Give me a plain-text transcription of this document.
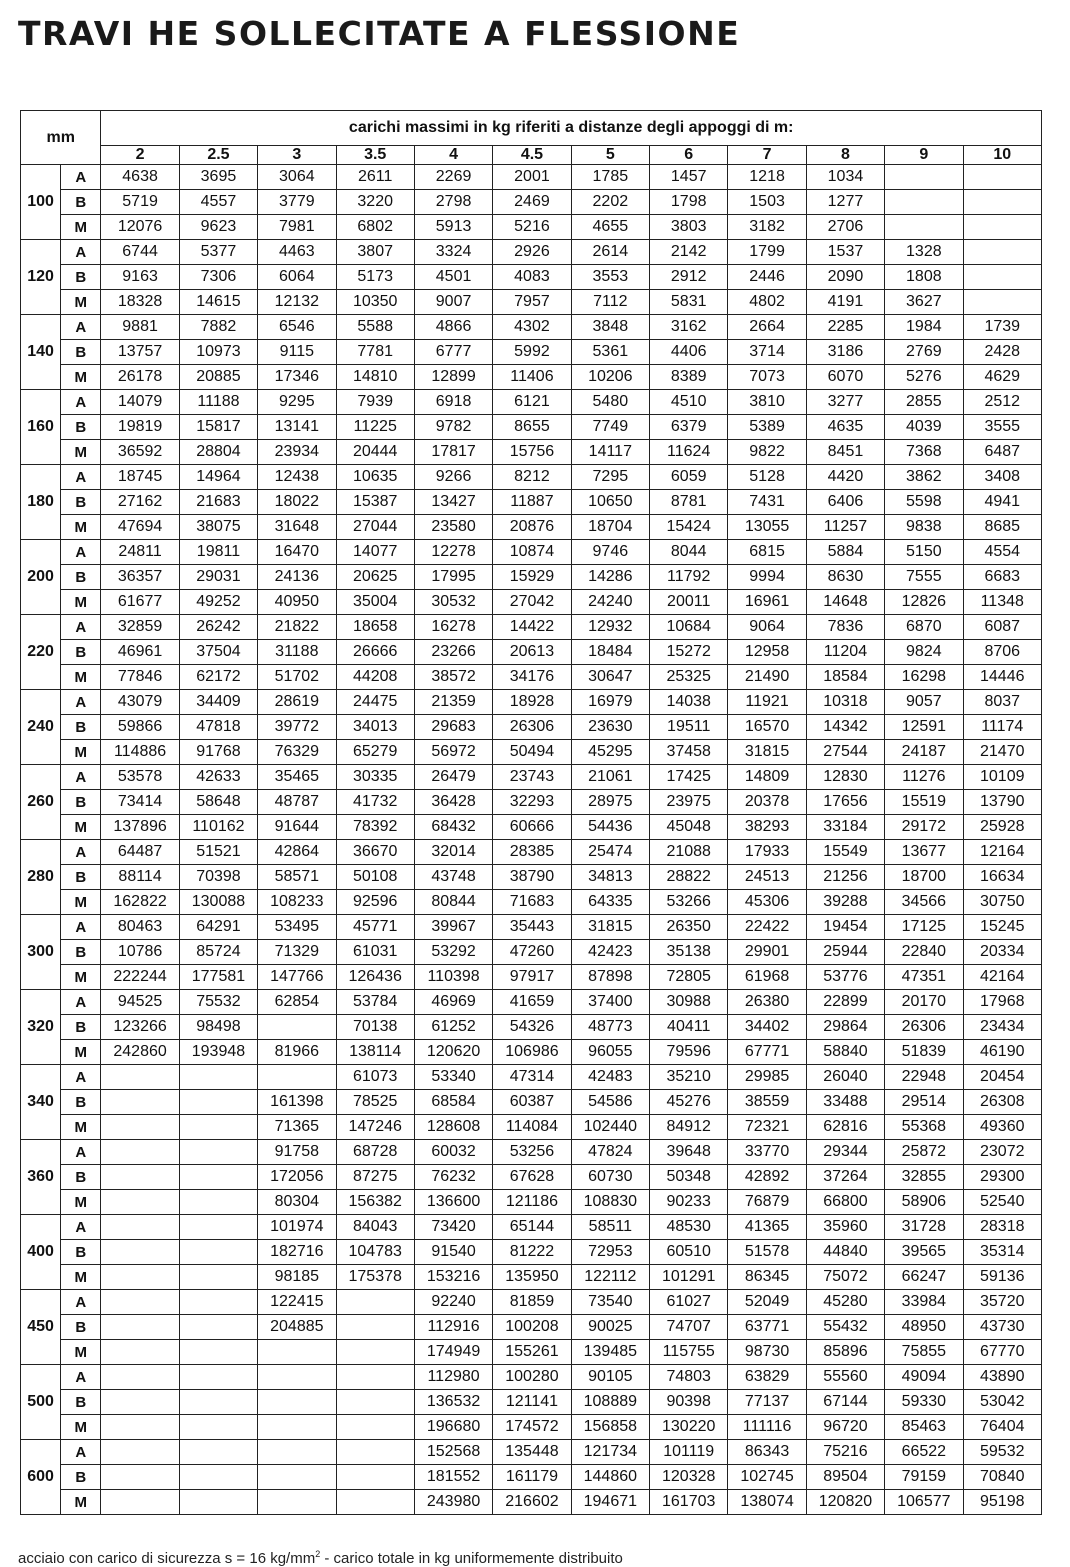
TRAVI HE SOLLECITATE A FLESSIONE
mm		carichi massimi in kg riferiti a distanze degli appoggi di m:											
		2	2.5	3	3.5	4	4.5	5	6	7	8	9	10
100	A	4638	3695	3064	2611	2269	2001	1785	1457	1218	1034		
	B	5719	4557	3779	3220	2798	2469	2202	1798	1503	1277		
	M	12076	9623	7981	6802	5913	5216	4655	3803	3182	2706		
120	A	6744	5377	4463	3807	3324	2926	2614	2142	1799	1537	1328	
	B	9163	7306	6064	5173	4501	4083	3553	2912	2446	2090	1808	
	M	18328	14615	12132	10350	9007	7957	7112	5831	4802	4191	3627	
140	A	9881	7882	6546	5588	4866	4302	3848	3162	2664	2285	1984	1739
	B	13757	10973	9115	7781	6777	5992	5361	4406	3714	3186	2769	2428
	M	26178	20885	17346	14810	12899	11406	10206	8389	7073	6070	5276	4629
160	A	14079	11188	9295	7939	6918	6121	5480	4510	3810	3277	2855	2512
	B	19819	15817	13141	11225	9782	8655	7749	6379	5389	4635	4039	3555
	M	36592	28804	23934	20444	17817	15756	14117	11624	9822	8451	7368	6487
180	A	18745	14964	12438	10635	9266	8212	7295	6059	5128	4420	3862	3408
	B	27162	21683	18022	15387	13427	11887	10650	8781	7431	6406	5598	4941
	M	47694	38075	31648	27044	23580	20876	18704	15424	13055	11257	9838	8685
200	A	24811	19811	16470	14077	12278	10874	9746	8044	6815	5884	5150	4554
	B	36357	29031	24136	20625	17995	15929	14286	11792	9994	8630	7555	6683
	M	61677	49252	40950	35004	30532	27042	24240	20011	16961	14648	12826	11348
220	A	32859	26242	21822	18658	16278	14422	12932	10684	9064	7836	6870	6087
	B	46961	37504	31188	26666	23266	20613	18484	15272	12958	11204	9824	8706
	M	77846	62172	51702	44208	38572	34176	30647	25325	21490	18584	16298	14446
240	A	43079	34409	28619	24475	21359	18928	16979	14038	11921	10318	9057	8037
	B	59866	47818	39772	34013	29683	26306	23630	19511	16570	14342	12591	11174
	M	114886	91768	76329	65279	56972	50494	45295	37458	31815	27544	24187	21470
260	A	53578	42633	35465	30335	26479	23743	21061	17425	14809	12830	11276	10109
	B	73414	58648	48787	41732	36428	32293	28975	23975	20378	17656	15519	13790
	M	137896	110162	91644	78392	68432	60666	54436	45048	38293	33184	29172	25928
280	A	64487	51521	42864	36670	32014	28385	25474	21088	17933	15549	13677	12164
	B	88114	70398	58571	50108	43748	38790	34813	28822	24513	21256	18700	16634
	M	162822	130088	108233	92596	80844	71683	64335	53266	45306	39288	34566	30750
300	A	80463	64291	53495	45771	39967	35443	31815	26350	22422	19454	17125	15245
	B	10786	85724	71329	61031	53292	47260	42423	35138	29901	25944	22840	20334
	M	222244	177581	147766	126436	110398	97917	87898	72805	61968	53776	47351	42164
320	A	94525	75532	62854	53784	46969	41659	37400	30988	26380	22899	20170	17968
	B	123266	98498		70138	61252	54326	48773	40411	34402	29864	26306	23434
	M	242860	193948	81966	138114	120620	106986	96055	79596	67771	58840	51839	46190
340	A				61073	53340	47314	42483	35210	29985	26040	22948	20454
	B			161398	78525	68584	60387	54586	45276	38559	33488	29514	26308
	M			71365	147246	128608	114084	102440	84912	72321	62816	55368	49360
360	A			91758	68728	60032	53256	47824	39648	33770	29344	25872	23072
	B			172056	87275	76232	67628	60730	50348	42892	37264	32855	29300
	M			80304	156382	136600	121186	108830	90233	76879	66800	58906	52540
400	A			101974	84043	73420	65144	58511	48530	41365	35960	31728	28318
	B			182716	104783	91540	81222	72953	60510	51578	44840	39565	35314
	M			98185	175378	153216	135950	122112	101291	86345	75072	66247	59136
450	A			122415		92240	81859	73540	61027	52049	45280	33984	35720
	B			204885		112916	100208	90025	74707	63771	55432	48950	43730
	M					174949	155261	139485	115755	98730	85896	75855	67770
500	A					112980	100280	90105	74803	63829	55560	49094	43890
	B					136532	121141	108889	90398	77137	67144	59330	53042
	M					196680	174572	156858	130220	111116	96720	85463	76404
600	A					152568	135448	121734	101119	86343	75216	66522	59532
	B					181552	161179	144860	120328	102745	89504	79159	70840
	M					243980	216602	194671	161703	138074	120820	106577	95198
acciaio con carico di sicurezza s = 16 $kg/mm^2$ - carico totale in kg uniformemente distribuito
